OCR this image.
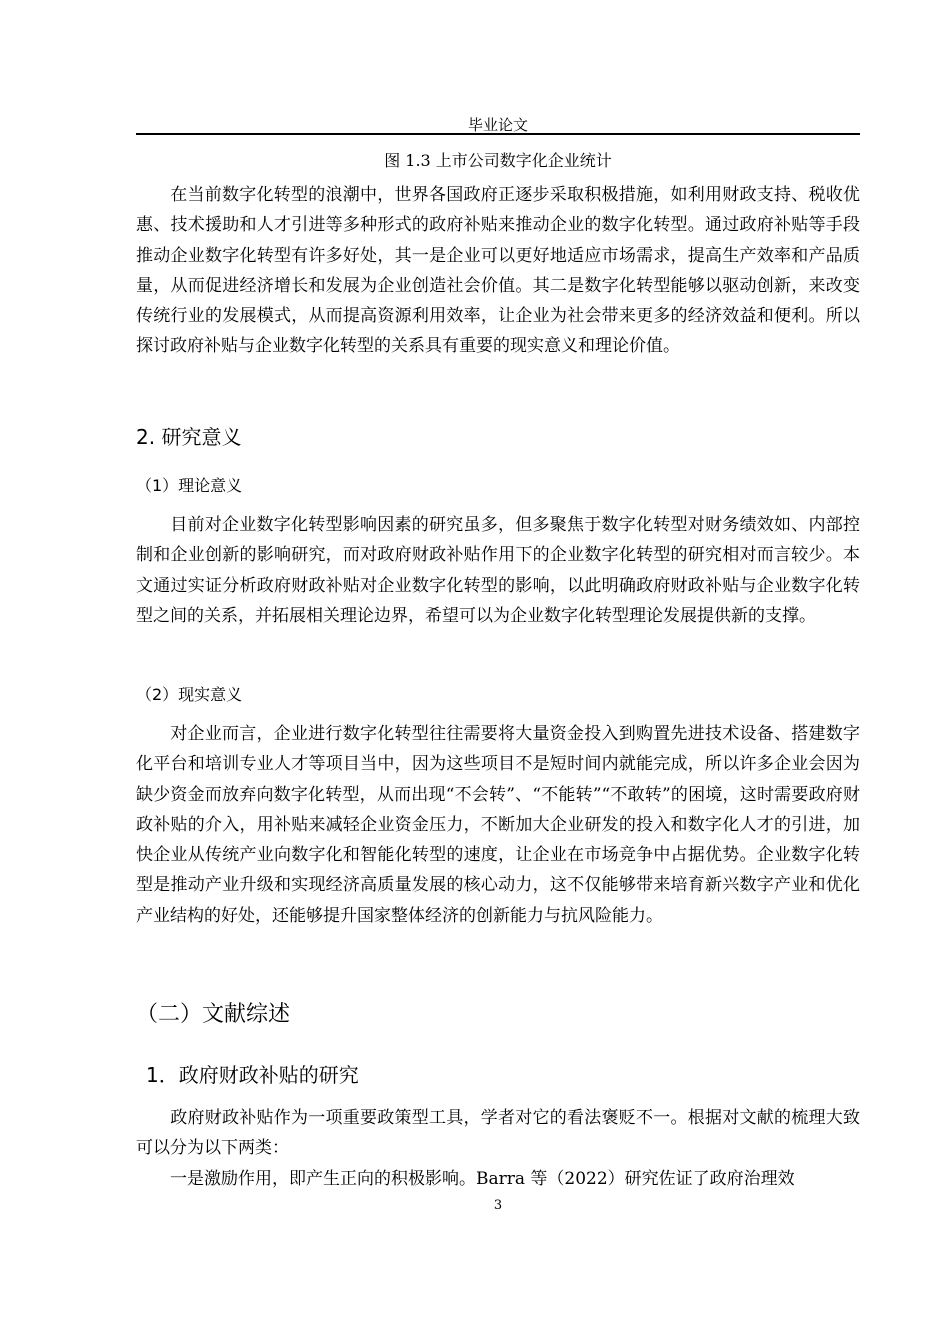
毕业论文
图 1.3 上市公司数字化企业统计

在当前数字化转型的浪潮中，世界各国政府正逐步采取积极措施，如利用财政支持、税收优惠、技术援助和人才引进等多种形式的政府补贴来推动企业的数字化转型。通过政府补贴等手段推动企业数字化转型有许多好处，其一是企业可以更好地适应市场需求，提高生产效率和产品质量，从而促进经济增长和发展为企业创造社会价值。其二是数字化转型能够以驱动创新，来改变传统行业的发展模式，从而提高资源利用效率，让企业为社会带来更多的经济效益和便利。所以探讨政府补贴与企业数字化转型的关系具有重要的现实意义和理论价值。

2. 研究意义
（1）理论意义

目前对企业数字化转型影响因素的研究虽多，但多聚焦于数字化转型对财务绩效如、内部控制和企业创新的影响研究，而对政府财政补贴作用下的企业数字化转型的研究相对而言较少。本文通过实证分析政府财政补贴对企业数字化转型的影响，以此明确政府财政补贴与企业数字化转型之间的关系，并拓展相关理论边界，希望可以为企业数字化转型理论发展提供新的支撑。

（2）现实意义

对企业而言，企业进行数字化转型往往需要将大量资金投入到购置先进技术设备、搭建数字化平台和培训专业人才等项目当中，因为这些项目不是短时间内就能完成，所以许多企业会因为缺少资金而放弃向数字化转型，从而出现“不会转”、“不能转”“不敢转”的困境，这时需要政府财政补贴的介入，用补贴来减轻企业资金压力，不断加大企业研发的投入和数字化人才的引进，加快企业从传统产业向数字化和智能化转型的速度，让企业在市场竞争中占据优势。企业数字化转型是推动产业升级和实现经济高质量发展的核心动力，这不仅能够带来培育新兴数字产业和优化产业结构的好处，还能够提升国家整体经济的创新能力与抗风险能力。

（二）文献综述
1．政府财政补贴的研究

政府财政补贴作为一项重要政策型工具，学者对它的看法褒贬不一。根据对文献的梳理大致可以分为以下两类：

一是激励作用，即产生正向的积极影响。Barra 等（2022）研究佐证了政府治理效

3
